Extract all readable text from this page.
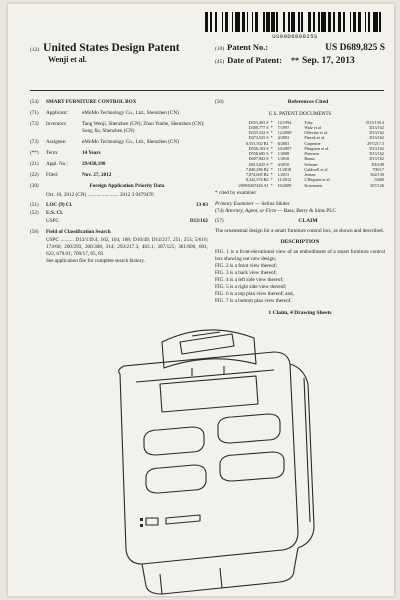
US00D689825S
(12) United States Design Patent
Wenji et al.
(10) Patent No.:	US D689,825 S
(45) Date of Patent: ** Sep. 17, 2013
(54)	SMART FURNITURE CONTROL BOX
(71)	Applicant:	eMoMo Technology Co., Ltd., Shenzhen (CN)
(72)	Inventors:	Tang Wenji, Shenzhen (CN); Zhao Yunhe, Shenzhen (CN); Song Jia, Shenzhen (CN)
(73)	Assignee:	eMoMo Technology Co., Ltd., Shenzhen (CN)
(**)	Term:	14 Years
(21)	Appl. No.:	29/438,190
(22)	Filed:	Nov. 27, 2012
(30)	Foreign Application Priority Data
Oct. 10, 2012 (CN) ........................ 2012 3 0479470
(51)	LOC (9) Cl.	13-03
(52)	U.S. Cl.
USPC	D13/162
(58)	Field of Classification Search
USPC .......... D13/139.4, 162, 164, 168; D10/49; D14/217, 251, 253; 5/616; 174/66; 200/293, 200/308, 314; 293/217.3, 463.1; 307/125; 361/600, 601, 622, 679.01; 700/17, 65, 83
See application file for complete search history.
(56)	References Cited
U.S. PATENT DOCUMENTS
D353,363 S	*	12/1994	Toby	D13/139.4
D380,777 S	*	7/1997	Walz et al.	D13/162
D435,522 S	*	12/2000	Ollevine et al.	D13/162
D473,525 S	*	4/2003	Pincek et al.	D13/162
6,553,502 B1	*	8/2003	Carpenter	297/217.3
D556,163 S	*	10/2007	Pfingsten et al.	D13/162
D558,685 S	*	1/2008	Peterson	D13/162
D607,843 S	*	1/2010	Bonus	D13/162
D613,625 S	*	4/2010	Scheuer	D10/49
7,840,286 B2	*	11/2010	Caldwell et al.	700/17
7,874,605 B2	*	1/2011	Jensen	362/130
8,342,576 B2	*	11/2012	L'Heguest et al.	5/600
2009/0267426 A1	*	10/2009	Kristensen	307/126
* cited by examiner
Primary Examiner — Selina Sikder
(74) Attorney, Agent, or Firm — Bass, Berry & Sims PLC
(57)	CLAIM
The ornamental design for a smart furniture control box, as shown and described.
DESCRIPTION
FIG. 1 is a front-elevational view of an embodiment of a smart furniture control box showing our new design;
FIG. 2 is a front view thereof;
FIG. 3 is a back view thereof;
FIG. 4 is a left side view thereof;
FIG. 5 is a right side view thereof;
FIG. 6 is a top plan view thereof; and,
FIG. 7 is a bottom plan view thereof.
1 Claim, 4 Drawing Sheets
